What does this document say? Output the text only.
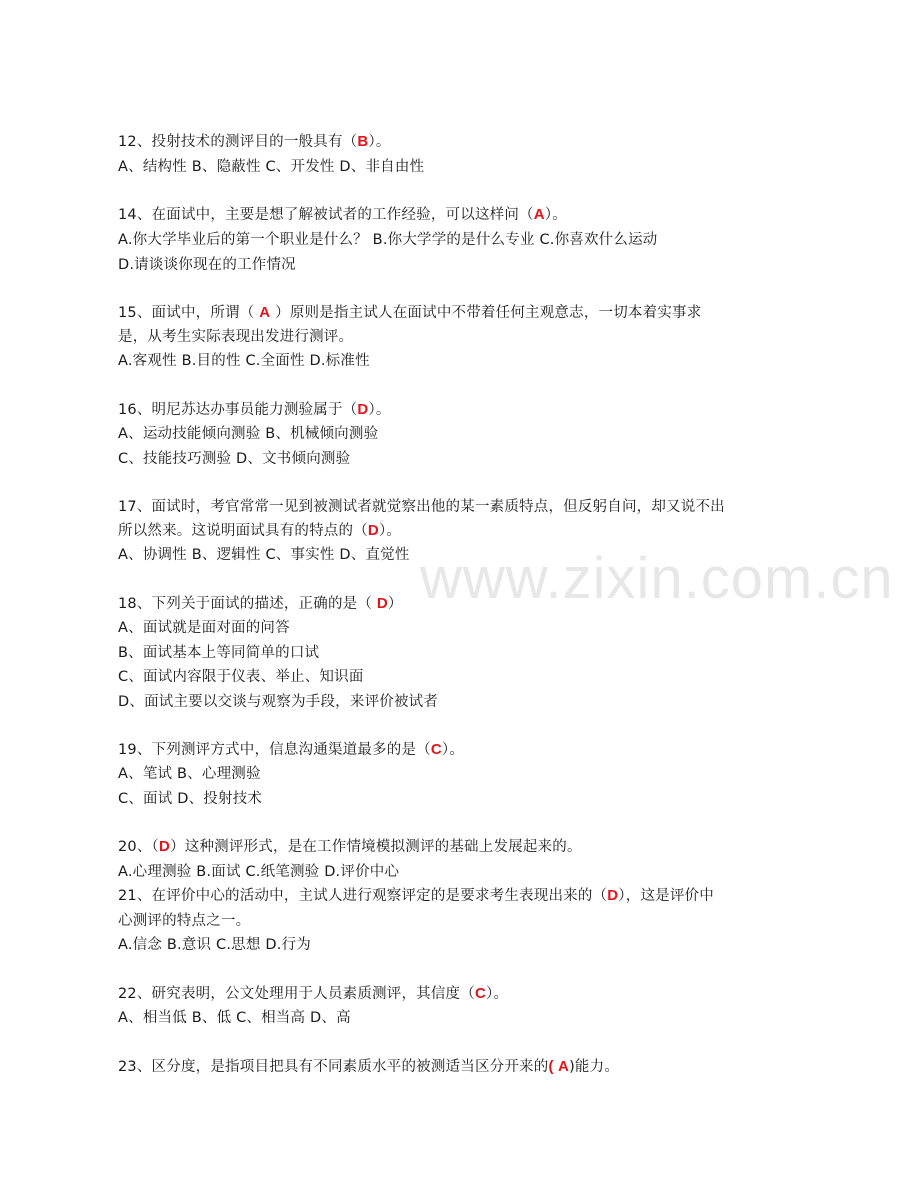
www.zixin.com.cn
12、投射技术的测评目的一般具有（B）。
A、结构性 B、隐蔽性 C、开发性 D、非自由性
14、在面试中，主要是想了解被试者的工作经验，可以这样问（A）。
A.你大学毕业后的第一个职业是什么？ B.你大学学的是什么专业 C.你喜欢什么运动
D.请谈谈你现在的工作情况
15、面试中，所谓（ A ）原则是指主试人在面试中不带着任何主观意志，一切本着实事求
是，从考生实际表现出发进行测评。
A.客观性 B.目的性 C.全面性 D.标准性
16、明尼苏达办事员能力测验属于（D）。
A、运动技能倾向测验 B、机械倾向测验
C、技能技巧测验 D、文书倾向测验
17、面试时，考官常常一见到被测试者就觉察出他的某一素质特点，但反躬自问，却又说不出
所以然来。这说明面试具有的特点的（D）。
A、协调性 B、逻辑性 C、事实性 D、直觉性
18、下列关于面试的描述，正确的是（ D）
A、面试就是面对面的问答
B、面试基本上等同简单的口试
C、面试内容限于仪表、举止、知识面
D、面试主要以交谈与观察为手段，来评价被试者
19、下列测评方式中，信息沟通渠道最多的是（C）。
A、笔试 B、心理测验
C、面试 D、投射技术
20、（D）这种测评形式，是在工作情境模拟测评的基础上发展起来的。
A.心理测验 B.面试 C.纸笔测验 D.评价中心
21、在评价中心的活动中，主试人进行观察评定的是要求考生表现出来的（D），这是评价中
心测评的特点之一。
A.信念 B.意识 C.思想 D.行为
22、研究表明，公文处理用于人员素质测评，其信度（C）。
A、相当低 B、低 C、相当高 D、高
23、区分度，是指项目把具有不同素质水平的被测适当区分开来的( A)能力。
